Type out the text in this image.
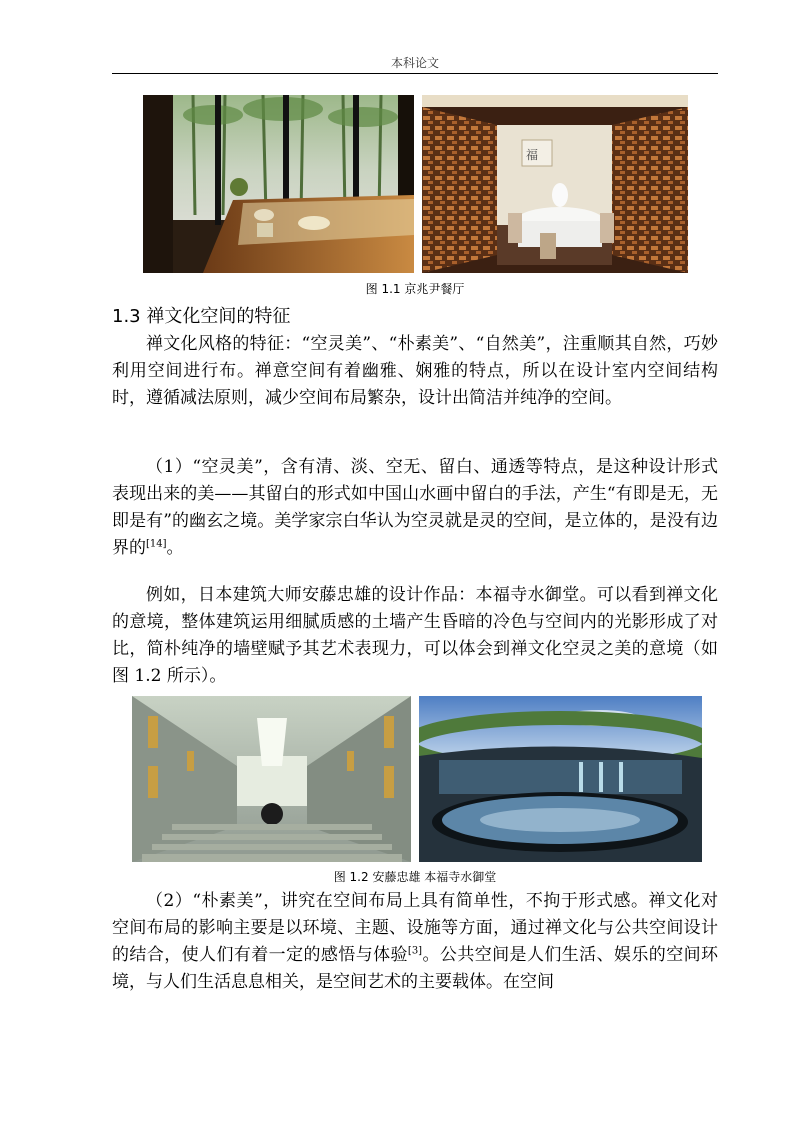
本科论文
福
图 1.1 京兆尹餐厅
1.3 禅文化空间的特征

禅文化风格的特征：“空灵美”、“朴素美”、“自然美”，注重顺其自然，巧妙利用空间进行布。禅意空间有着幽雅、娴雅的特点，所以在设计室内空间结构时，遵循减法原则，减少空间布局繁杂，设计出简洁并纯净的空间。

（1）“空灵美”，含有清、淡、空无、留白、通透等特点，是这种设计形式表现出来的美——其留白的形式如中国山水画中留白的手法，产生“有即是无，无即是有”的幽玄之境。美学家宗白华认为空灵就是灵的空间，是立体的，是没有边界的[14]。

例如，日本建筑大师安藤忠雄的设计作品：本福寺水御堂。可以看到禅文化的意境，整体建筑运用细腻质感的土墙产生昏暗的冷色与空间内的光影形成了对比，简朴纯净的墙壁赋予其艺术表现力，可以体会到禅文化空灵之美的意境（如图 1.2 所示）。

图 1.2 安藤忠雄 本福寺水御堂

（2）“朴素美”，讲究在空间布局上具有简单性，不拘于形式感。禅文化对空间布局的影响主要是以环境、主题、设施等方面，通过禅文化与公共空间设计的结合，使人们有着一定的感悟与体验[3]。公共空间是人们生活、娱乐的空间环境，与人们生活息息相关，是空间艺术的主要载体。在空间
